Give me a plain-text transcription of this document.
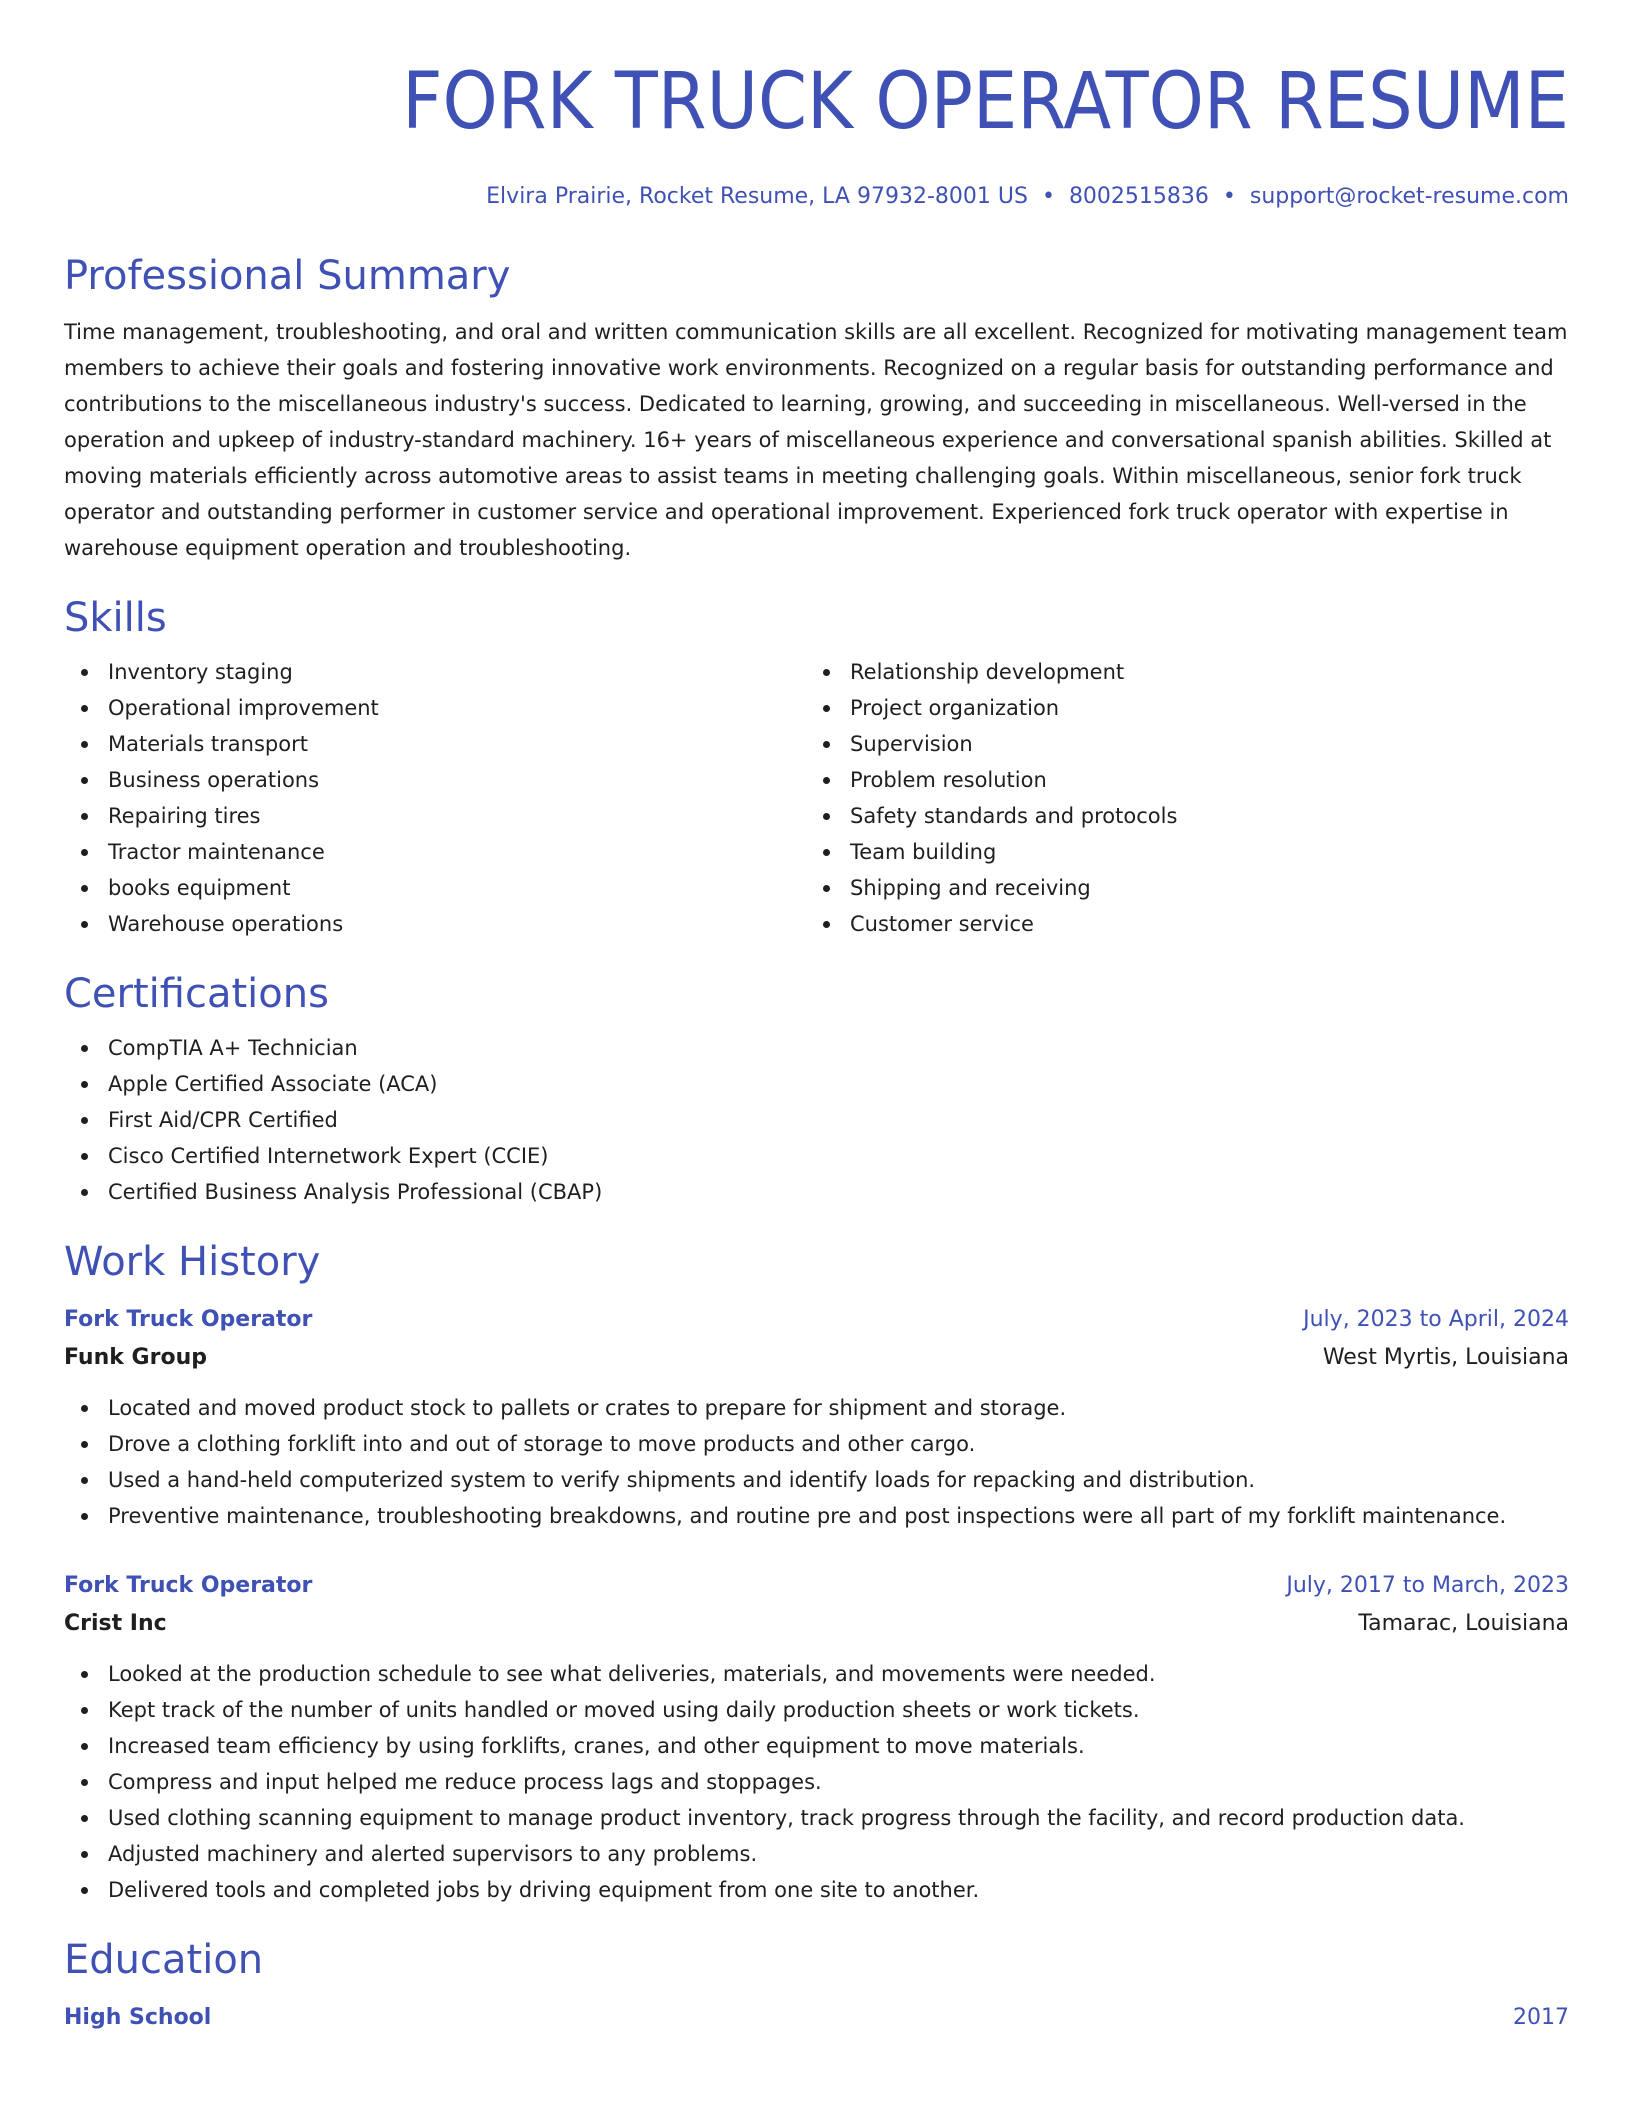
FORK TRUCK OPERATOR RESUME
Elvira Prairie, Rocket Resume, LA 97932-8001 US • 8002515836 • support@rocket-resume.com
Professional Summary

Time management, troubleshooting, and oral and written communication skills are all excellent. Recognized for motivating management team members to achieve their goals and fostering innovative work environments. Recognized on a regular basis for outstanding performance and contributions to the miscellaneous industry's success. Dedicated to learning, growing, and succeeding in miscellaneous. Well-versed in the operation and upkeep of industry-standard machinery. 16+ years of miscellaneous experience and conversational spanish abilities. Skilled at moving materials efficiently across automotive areas to assist teams in meeting challenging goals. Within miscellaneous, senior fork truck operator and outstanding performer in customer service and operational improvement. Experienced fork truck operator with expertise in warehouse equipment operation and troubleshooting.

Skills
Inventory staging
Operational improvement
Materials transport
Business operations
Repairing tires
Tractor maintenance
books equipment
Warehouse operations
Relationship development
Project organization
Supervision
Problem resolution
Safety standards and protocols
Team building
Shipping and receiving
Customer service
Certifications
CompTIA A+ Technician
Apple Certified Associate (ACA)
First Aid/CPR Certified
Cisco Certified Internetwork Expert (CCIE)
Certified Business Analysis Professional (CBAP)
Work History
Fork Truck Operator	July, 2023 to April, 2024
Funk Group	West Myrtis, Louisiana
Located and moved product stock to pallets or crates to prepare for shipment and storage.
Drove a clothing forklift into and out of storage to move products and other cargo.
Used a hand-held computerized system to verify shipments and identify loads for repacking and distribution.
Preventive maintenance, troubleshooting breakdowns, and routine pre and post inspections were all part of my forklift maintenance.
Fork Truck Operator	July, 2017 to March, 2023
Crist Inc	Tamarac, Louisiana
Looked at the production schedule to see what deliveries, materials, and movements were needed.
Kept track of the number of units handled or moved using daily production sheets or work tickets.
Increased team efficiency by using forklifts, cranes, and other equipment to move materials.
Compress and input helped me reduce process lags and stoppages.
Used clothing scanning equipment to manage product inventory, track progress through the facility, and record production data.
Adjusted machinery and alerted supervisors to any problems.
Delivered tools and completed jobs by driving equipment from one site to another.
Education
High School	2017
